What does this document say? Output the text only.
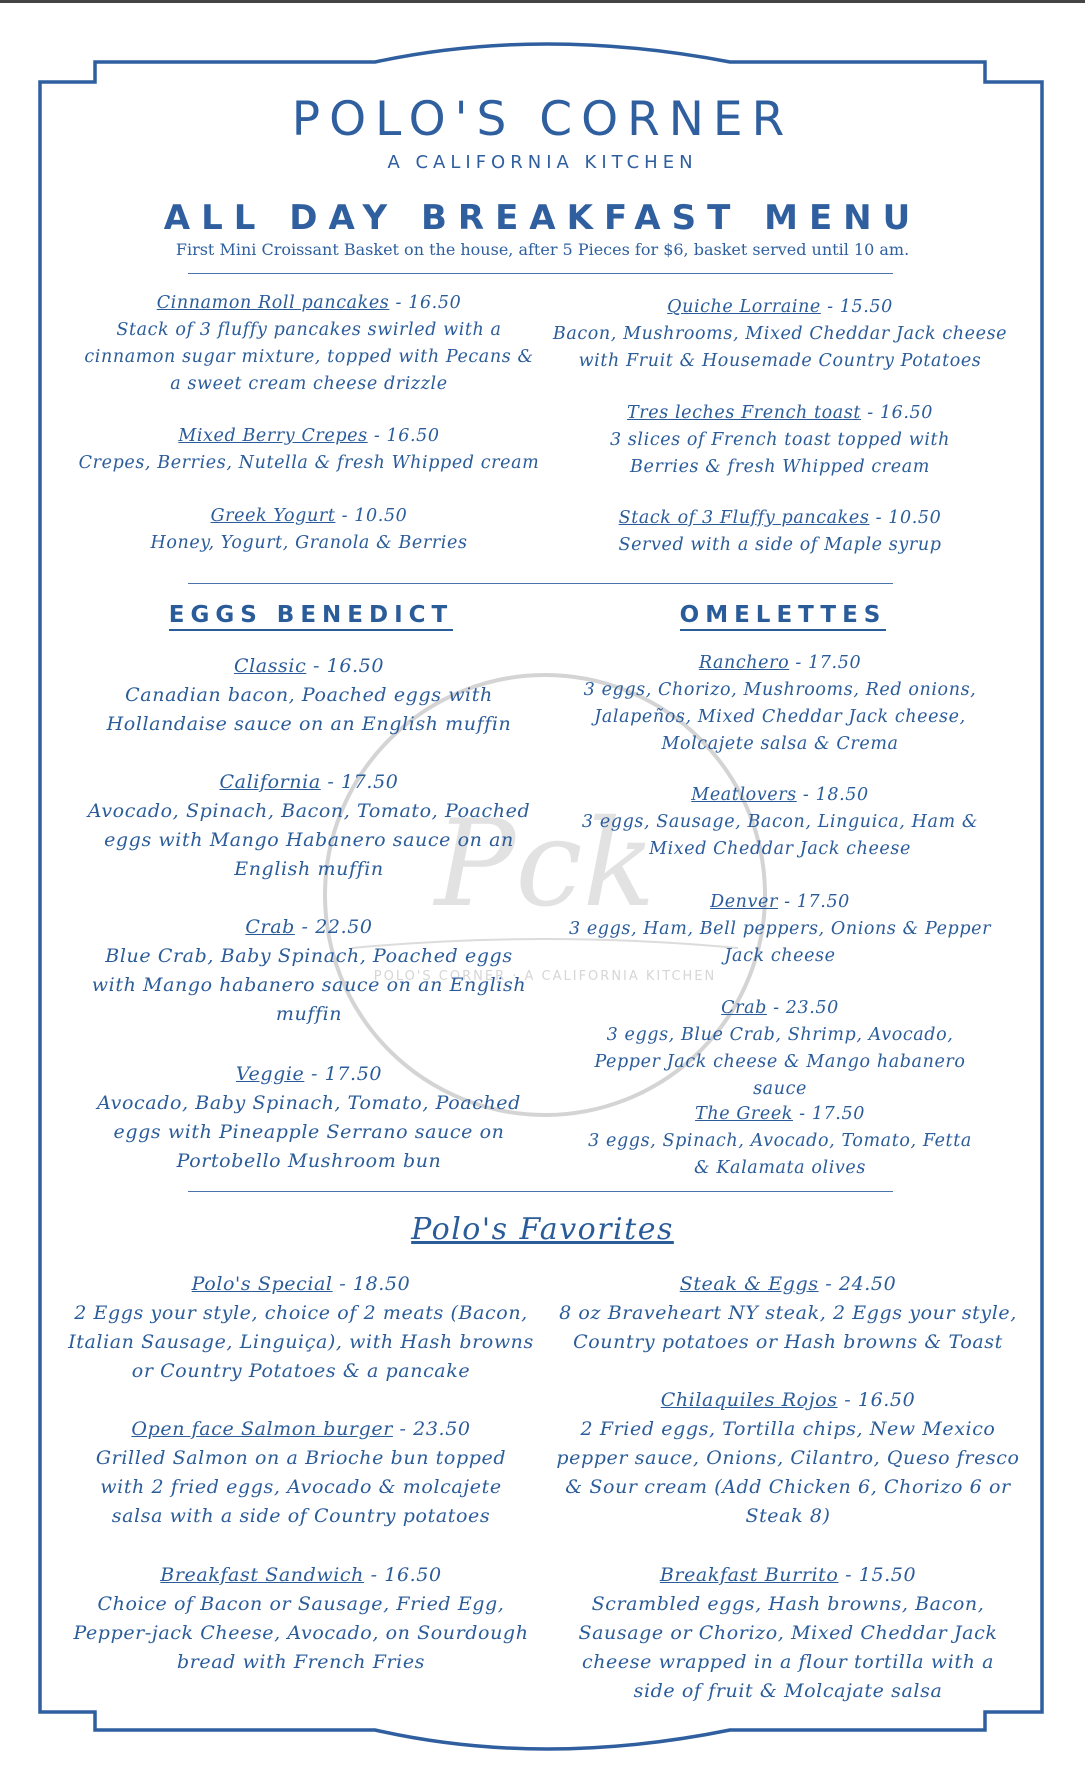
Pck
POLO'S CORNER · A CALIFORNIA KITCHEN
POLO'S CORNER
A CALIFORNIA KITCHEN
ALL DAY BREAKFAST MENU
First Mini Croissant Basket on the house, after 5 Pieces for $6, basket served until 10 am.
Cinnamon Roll pancakes - 16.50
Stack of 3 fluffy pancakes swirled with a cinnamon sugar mixture, topped with Pecans & a sweet cream cheese drizzle
Mixed Berry Crepes - 16.50
Crepes, Berries, Nutella & fresh Whipped cream
Greek Yogurt - 10.50
Honey, Yogurt, Granola & Berries
Quiche Lorraine - 15.50
Bacon, Mushrooms, Mixed Cheddar Jack cheese with Fruit & Housemade Country Potatoes
Tres leches French toast - 16.50
3 slices of French toast topped with Berries & fresh Whipped cream
Stack of 3 Fluffy pancakes - 10.50
Served with a side of Maple syrup
EGGS BENEDICT	OMELETTES
Classic - 16.50
Canadian bacon, Poached eggs with Hollandaise sauce on an English muffin
California - 17.50
Avocado, Spinach, Bacon, Tomato, Poached eggs with Mango Habanero sauce on an English muffin
Crab - 22.50
Blue Crab, Baby Spinach, Poached eggs with Mango habanero sauce on an English muffin
Veggie - 17.50
Avocado, Baby Spinach, Tomato, Poached eggs with Pineapple Serrano sauce on Portobello Mushroom bun
Ranchero - 17.50
3 eggs, Chorizo, Mushrooms, Red onions, Jalapeños, Mixed Cheddar Jack cheese, Molcajete salsa & Crema
Meatlovers - 18.50
3 eggs, Sausage, Bacon, Linguica, Ham & Mixed Cheddar Jack cheese
Denver - 17.50
3 eggs, Ham, Bell peppers, Onions & Pepper Jack cheese
Crab - 23.50
3 eggs, Blue Crab, Shrimp, Avocado, Pepper Jack cheese & Mango habanero sauce
The Greek - 17.50
3 eggs, Spinach, Avocado, Tomato, Fetta & Kalamata olives
Polo's Favorites
Polo's Special - 18.50
2 Eggs your style, choice of 2 meats (Bacon, Italian Sausage, Linguiça), with Hash browns or Country Potatoes & a pancake
Open face Salmon burger - 23.50
Grilled Salmon on a Brioche bun topped with 2 fried eggs, Avocado & molcajete salsa with a side of Country potatoes
Breakfast Sandwich - 16.50
Choice of Bacon or Sausage, Fried Egg, Pepper-jack Cheese, Avocado, on Sourdough bread with French Fries
Steak & Eggs - 24.50
8 oz Braveheart NY steak, 2 Eggs your style, Country potatoes or Hash browns & Toast
Chilaquiles Rojos - 16.50
2 Fried eggs, Tortilla chips, New Mexico pepper sauce, Onions, Cilantro, Queso fresco & Sour cream (Add Chicken 6, Chorizo 6 or Steak 8)
Breakfast Burrito - 15.50
Scrambled eggs, Hash browns, Bacon, Sausage or Chorizo, Mixed Cheddar Jack cheese wrapped in a flour tortilla with a side of fruit & Molcajate salsa
